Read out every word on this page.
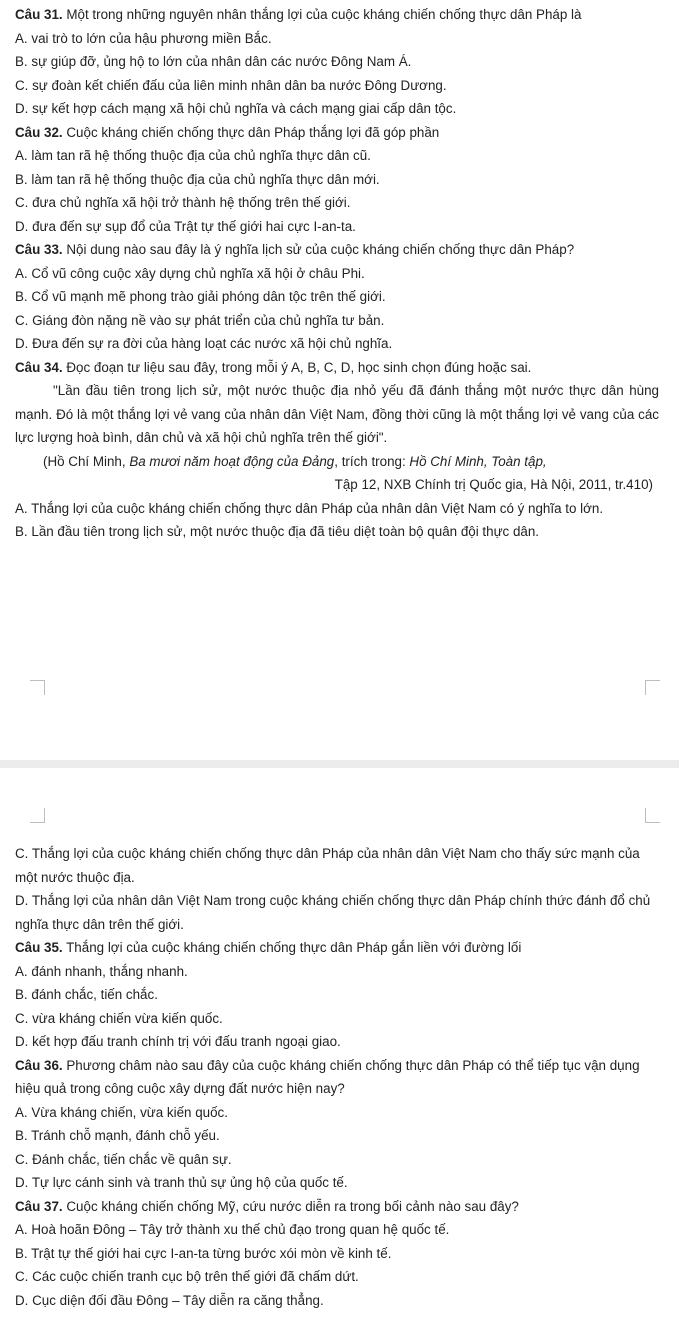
Câu 31. Một trong những nguyên nhân thắng lợi của cuộc kháng chiến chống thực dân Pháp là
A. vai trò to lớn của hậu phương miền Bắc.
B. sự giúp đỡ, ủng hộ to lớn của nhân dân các nước Đông Nam Á.
C. sự đoàn kết chiến đấu của liên minh nhân dân ba nước Đông Dương.
D. sự kết hợp cách mạng xã hội chủ nghĩa và cách mạng giai cấp dân tộc.
Câu 32. Cuộc kháng chiến chống thực dân Pháp thắng lợi đã góp phần
A. làm tan rã hệ thống thuộc địa của chủ nghĩa thực dân cũ.
B. làm tan rã hệ thống thuộc địa của chủ nghĩa thực dân mới.
C. đưa chủ nghĩa xã hội trở thành hệ thống trên thế giới.
D. đưa đến sự sụp đổ của Trật tự thế giới hai cực I-an-ta.
Câu 33. Nội dung nào sau đây là ý nghĩa lịch sử của cuộc kháng chiến chống thực dân Pháp?
A. Cổ vũ công cuộc xây dựng chủ nghĩa xã hội ở châu Phi.
B. Cổ vũ mạnh mẽ phong trào giải phóng dân tộc trên thế giới.
C. Giáng đòn nặng nề vào sự phát triển của chủ nghĩa tư bản.
D. Đưa đến sự ra đời của hàng loạt các nước xã hội chủ nghĩa.
Câu 34. Đọc đoạn tư liệu sau đây, trong mỗi ý A, B, C, D, học sinh chọn đúng hoặc sai.
"Lần đầu tiên trong lịch sử, một nước thuộc địa nhỏ yếu đã đánh thắng một nước thực dân hùng mạnh. Đó là một thắng lợi vẻ vang của nhân dân Việt Nam, đồng thời cũng là một thắng lợi vẻ vang của các lực lượng hoà bình, dân chủ và xã hội chủ nghĩa trên thế giới".
(Hồ Chí Minh, Ba mươi năm hoạt động của Đảng, trích trong: Hồ Chí Minh, Toàn tập,
Tập 12, NXB Chính trị Quốc gia, Hà Nội, 2011, tr.410)
A. Thắng lợi của cuộc kháng chiến chống thực dân Pháp của nhân dân Việt Nam có ý nghĩa to lớn.
B. Lần đầu tiên trong lịch sử, một nước thuộc địa đã tiêu diệt toàn bộ quân đội thực dân.
C. Thắng lợi của cuộc kháng chiến chống thực dân Pháp của nhân dân Việt Nam cho thấy sức mạnh của một nước thuộc địa.
D. Thắng lợi của nhân dân Việt Nam trong cuộc kháng chiến chống thực dân Pháp chính thức đánh đổ chủ nghĩa thực dân trên thế giới.
Câu 35. Thắng lợi của cuộc kháng chiến chống thực dân Pháp gắn liền với đường lối
A. đánh nhanh, thắng nhanh.
B. đánh chắc, tiến chắc.
C. vừa kháng chiến vừa kiến quốc.
D. kết hợp đấu tranh chính trị với đấu tranh ngoại giao.
Câu 36. Phương châm nào sau đây của cuộc kháng chiến chống thực dân Pháp có thể tiếp tục vận dụng hiệu quả trong công cuộc xây dựng đất nước hiện nay?
A. Vừa kháng chiến, vừa kiến quốc.
B. Tránh chỗ mạnh, đánh chỗ yếu.
C. Đánh chắc, tiến chắc về quân sự.
D. Tự lực cánh sinh và tranh thủ sự ủng hộ của quốc tế.
Câu 37. Cuộc kháng chiến chống Mỹ, cứu nước diễn ra trong bối cảnh nào sau đây?
A. Hoà hoãn Đông – Tây trở thành xu thế chủ đạo trong quan hệ quốc tế.
B. Trật tự thế giới hai cực I-an-ta từng bước xói mòn về kinh tế.
C. Các cuộc chiến tranh cục bộ trên thế giới đã chấm dứt.
D. Cục diện đối đầu Đông – Tây diễn ra căng thẳng.
